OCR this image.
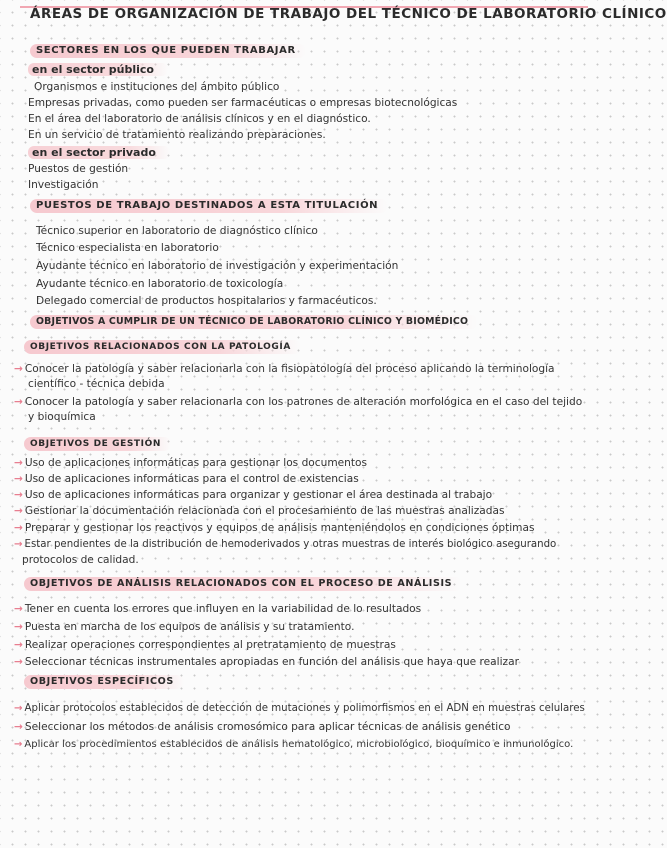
ÁREAS DE ORGANIZACIÓN DE TRABAJO DEL TÉCNICO DE LABORATORIO CLÍNICO
SECTORES EN LOS QUE PUEDEN TRABAJAR
en el sector público
Organismos e instituciones del ámbito público
Empresas privadas, como pueden ser farmacéuticas o empresas biotecnológicas
En el área del laboratorio de análisis clínicos y en el diagnóstico.
En un servicio de tratamiento realizando preparaciones.
en el sector privado
Puestos de gestión
Investigación
PUESTOS DE TRABAJO DESTINADOS A ESTA TITULACIÓN
Técnico superior en laboratorio de diagnóstico clínico
Técnico especialista en laboratorio
Ayudante técnico en laboratorio de investigación y experimentación
Ayudante técnico en laboratorio de toxicología
Delegado comercial de productos hospitalarios y farmacéuticos.
OBJETIVOS A CUMPLIR DE UN TÉCNICO DE LABORATORIO CLÍNICO Y BIOMÉDICO
OBJETIVOS RELACIONADOS CON LA PATOLOGÍA
→ Conocer la patología y saber relacionarla con la fisiopatología del proceso aplicando la terminología
científico - técnica debida
→ Conocer la patología y saber relacionarla con los patrones de alteración morfológica en el caso del tejido
y bioquímica
OBJETIVOS DE GESTIÓN
→ Uso de aplicaciones informáticas para gestionar los documentos
→ Uso de aplicaciones informáticas para el control de existencias
→ Uso de aplicaciones informáticas para organizar y gestionar el área destinada al trabajo
→ Gestionar la documentación relacionada con el procesamiento de las muestras analizadas
→ Preparar y gestionar los reactivos y equipos de análisis manteniéndolos en condiciones óptimas
→ Estar pendientes de la distribución de hemoderivados y otras muestras de interés biológico asegurando
protocolos de calidad.
OBJETIVOS DE ANÁLISIS RELACIONADOS CON EL PROCESO DE ANÁLISIS
→ Tener en cuenta los errores que influyen en la variabilidad de lo resultados
→ Puesta en marcha de los equipos de análisis y su tratamiento.
→ Realizar operaciones correspondientes al pretratamiento de muestras
→ Seleccionar técnicas instrumentales apropiadas en función del análisis que haya que realizar
OBJETIVOS ESPECÍFICOS
→ Aplicar protocolos establecidos de detección de mutaciones y polimorfismos en el ADN en muestras celulares
→ Seleccionar los métodos de análisis cromosómico para aplicar técnicas de análisis genético
→ Aplicar los procedimientos establecidos de análisis hematológico, microbiológico, bioquímico e inmunológico.
